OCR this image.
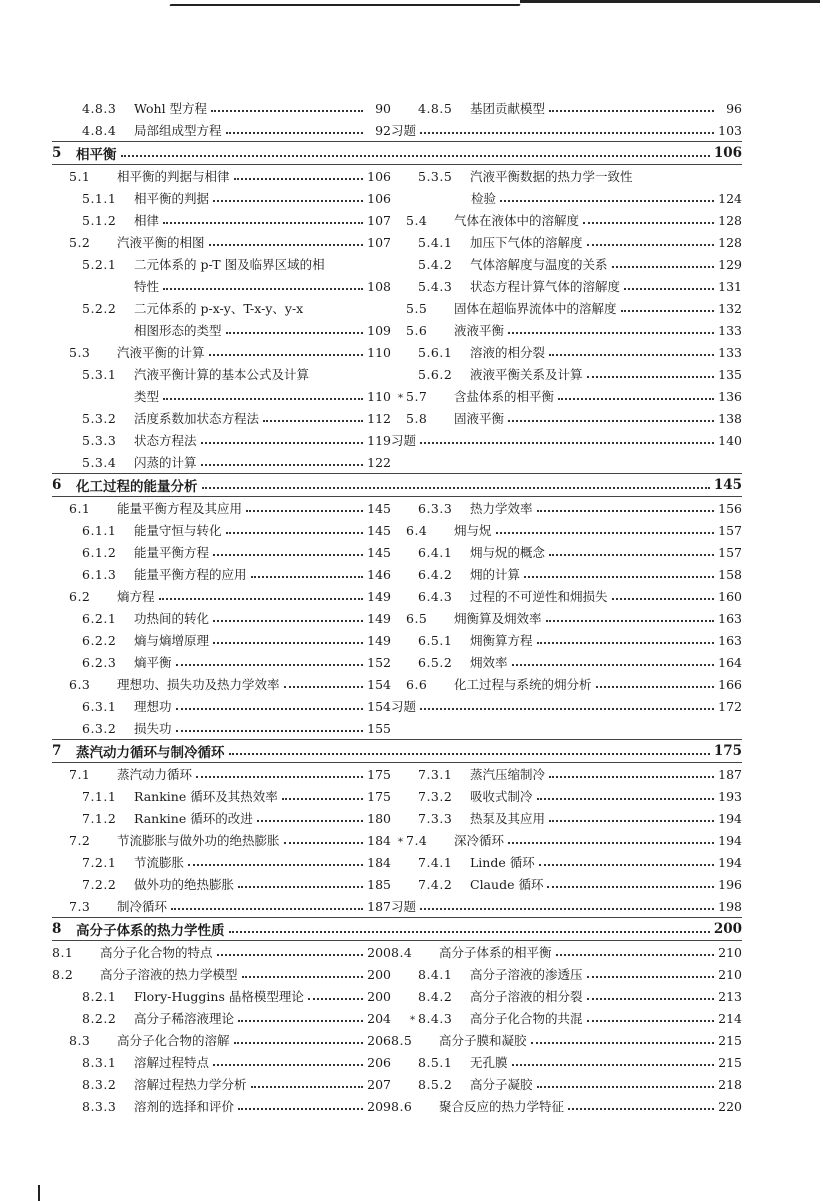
4.8.3	Wohl 型方程	90
4.8.4	局部组成型方程	92
4.8.5	基团贡献模型	96
习题	103
5	相平衡	106
5.1	相平衡的判据与相律	106
5.1.1	相平衡的判据	106
5.1.2	相律	107
5.2	汽液平衡的相图	107
5.2.1	二元体系的 p-T 图及临界区域的相
特性	108
5.2.2	二元体系的 p-x-y、T-x-y、y-x
相图形态的类型	109
5.3	汽液平衡的计算	110
5.3.1	汽液平衡计算的基本公式及计算
类型	110
5.3.2	活度系数加状态方程法	112
5.3.3	状态方程法	119
5.3.4	闪蒸的计算	122
5.3.5	汽液平衡数据的热力学一致性
检验	124
5.4	气体在液体中的溶解度	128
5.4.1	加压下气体的溶解度	128
5.4.2	气体溶解度与温度的关系	129
5.4.3	状态方程计算气体的溶解度	131
5.5	固体在超临界流体中的溶解度	132
5.6	液液平衡	133
5.6.1	溶液的相分裂	133
5.6.2	液液平衡关系及计算	135
* 5.7	含盐体系的相平衡	136
5.8	固液平衡	138
习题	140
6	化工过程的能量分析	145
6.1	能量平衡方程及其应用	145
6.1.1	能量守恒与转化	145
6.1.2	能量平衡方程	145
6.1.3	能量平衡方程的应用	146
6.2	熵方程	149
6.2.1	功热间的转化	149
6.2.2	熵与熵增原理	149
6.2.3	熵平衡	152
6.3	理想功、损失功及热力学效率	154
6.3.1	理想功	154
6.3.2	损失功	155
6.3.3	热力学效率	156
6.4	㶲与炾	157
6.4.1	㶲与炾的概念	157
6.4.2	㶲的计算	158
6.4.3	过程的不可逆性和㶲损失	160
6.5	㶲衡算及㶲效率	163
6.5.1	㶲衡算方程	163
6.5.2	㶲效率	164
6.6	化工过程与系统的㶲分析	166
习题	172
7	蒸汽动力循环与制冷循环	175
7.1	蒸汽动力循环	175
7.1.1	Rankine 循环及其热效率	175
7.1.2	Rankine 循环的改进	180
7.2	节流膨胀与做外功的绝热膨胀	184
7.2.1	节流膨胀	184
7.2.2	做外功的绝热膨胀	185
7.3	制冷循环	187
7.3.1	蒸汽压缩制冷	187
7.3.2	吸收式制冷	193
7.3.3	热泵及其应用	194
* 7.4	深冷循环	194
7.4.1	Linde 循环	194
7.4.2	Claude 循环	196
习题	198
8	高分子体系的热力学性质	200
8.1	高分子化合物的特点	200
8.2	高分子溶液的热力学模型	200
8.2.1	Flory-Huggins 晶格模型理论	200
8.2.2	高分子稀溶液理论	204
8.3	高分子化合物的溶解	206
8.3.1	溶解过程特点	206
8.3.2	溶解过程热力学分析	207
8.3.3	溶剂的选择和评价	209
8.4	高分子体系的相平衡	210
8.4.1	高分子溶液的渗透压	210
8.4.2	高分子溶液的相分裂	213
* 8.4.3	高分子化合物的共混	214
8.5	高分子膜和凝胶	215
8.5.1	无孔膜	215
8.5.2	高分子凝胶	218
8.6	聚合反应的热力学特征	220
